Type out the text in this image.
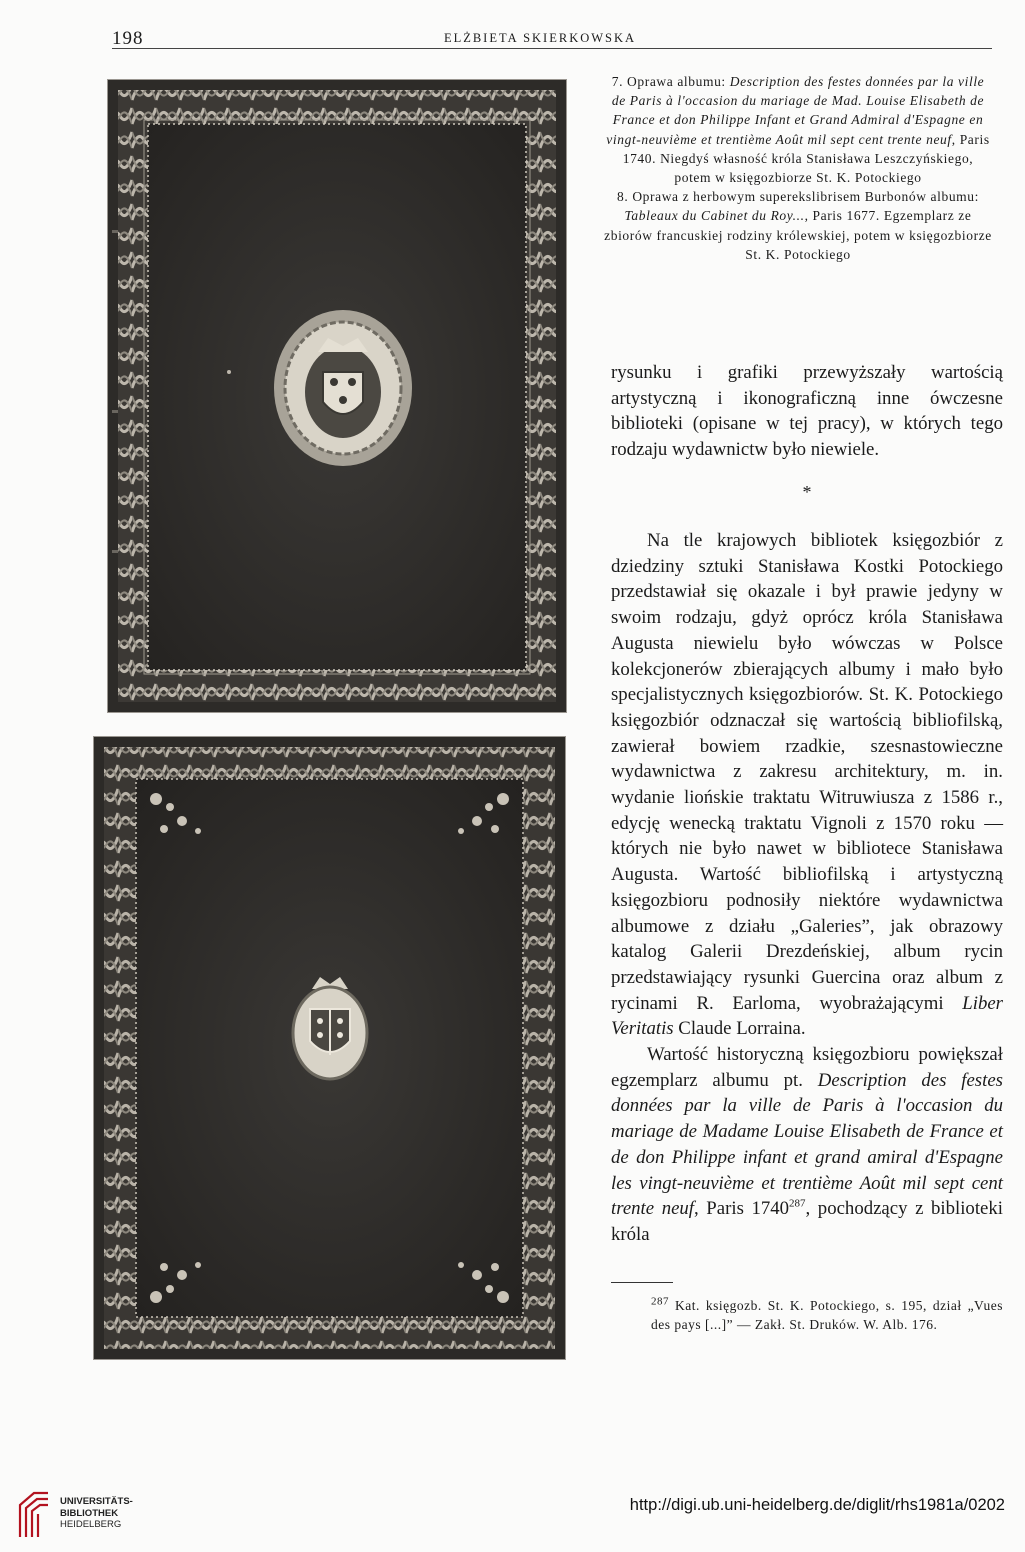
198	ELŻBIETA SKIERKOWSKA

7. Oprawa albumu: Description des festes données par la ville de Paris à l'occasion du mariage de Mad. Louise Elisabeth de France et don Philippe Infant et Grand Admiral d'Espagne en vingt-neuvième et trentième Août mil sept cent trente neuf, Paris 1740. Niegdyś własność króla Stanisława Leszczyńskiego, potem w księgozbiorze St. K. Potockiego

8. Oprawa z herbowym superekslibrisem Burbonów albumu: Tableaux du Cabinet du Roy..., Paris 1677. Egzemplarz ze zbiorów francuskiej rodziny królewskiej, potem w księgozbiorze St. K. Potockiego

rysunku i grafiki przewyższały wartością artystyczną i ikonograficzną inne ówczesne biblioteki (opisane w tej pracy), w których tego rodzaju wydawnictw było niewiele.

*

Na tle krajowych bibliotek księgozbiór z dziedziny sztuki Stanisława Kostki Potockiego przedstawiał się okazale i był prawie jedyny w swoim rodzaju, gdyż oprócz króla Stanisława Augusta niewielu było wówczas w Polsce kolekcjonerów zbierających albumy i mało było specjalistycznych księgozbiorów. St. K. Potockiego księgozbiór odznaczał się wartością bibliofilską, zawierał bowiem rzadkie, szesnastowieczne wydawnictwa z zakresu architektury, m. in. wydanie liońskie traktatu Witruwiusza z 1586 r., edycję wenecką traktatu Vignoli z 1570 roku — których nie było nawet w bibliotece Stanisława Augusta. Wartość bibliofilską i artystyczną księgozbioru podnosiły niektóre wydawnictwa albumowe z działu „Galeries”, jak obrazowy katalog Galerii Drezdeńskiej, album rycin przedstawiający rysunki Guercina oraz album z rycinami R. Earloma, wyobrażającymi Liber Veritatis Claude Lorraina.

Wartość historyczną księgozbioru powiększał egzemplarz albumu pt. Description des festes données par la ville de Paris à l'occasion du mariage de Madame Louise Elisabeth de France et de don Philippe infant et grand amiral d'Espagne les vingt-neuvième et trentième Août mil sept cent trente neuf, Paris 1740$^{287}$, pochodzący z biblioteki króla

$^{287}$ Kat. księgozb. St. K. Potockiego, s. 195, dział „Vues des pays [...]” — Zakł. St. Druków. W. Alb. 176.
UNIVERSITÄTS-
BIBLIOTHEK
HEIDELBERG
http://digi.ub.uni-heidelberg.de/diglit/rhs1981a/0202
